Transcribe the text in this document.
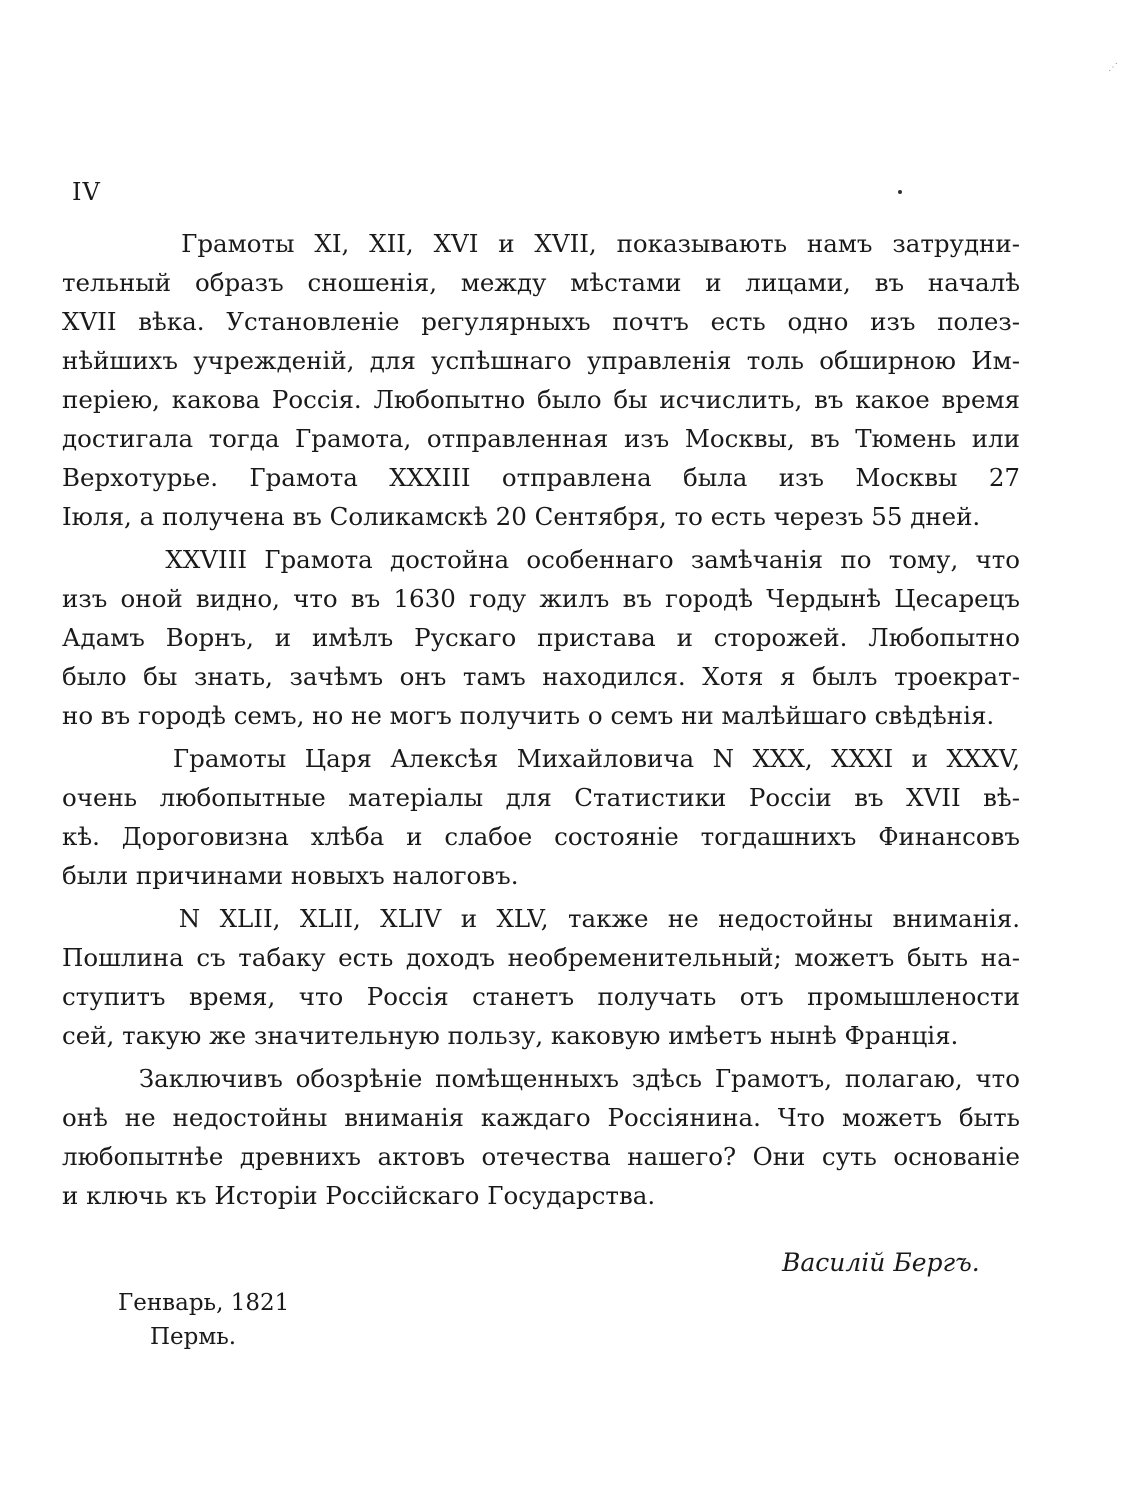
⋰
IV
Грамоты XI, XII, XVI и XVII, показывають намъ затрудни-
тельный образъ сношенія, между мѣстами и лицами, въ началѣ
XVII вѣка. Установленіе регулярныхъ почтъ есть одно изъ полез-
нѣйшихъ учрежденій, для успѣшнаго управленія толь обширною Им-
періею, какова Россія. Любопытно было бы исчислить, въ какое время
достигала тогда Грамота, отправленная изъ Москвы, въ Тюмень или
Верхотурье. Грамота XXXIII отправлена была изъ Москвы 27
Іюля, а получена въ Соликамскѣ 20 Сентября, то есть черезъ 55 дней.
XXVIII Грамота достойна особеннаго замѣчанія по тому, что
изъ оной видно, что въ 1630 году жилъ въ городѣ Чердынѣ Цесарецъ
Адамъ Ворнъ, и имѣлъ Рускаго пристава и сторожей. Любопытно
было бы знать, зачѣмъ онъ тамъ находился. Хотя я былъ троекрат-
но въ городѣ семъ, но не могъ получить о семъ ни малѣйшаго свѣдѣнія.
Грамоты Царя Алексѣя Михайловича N XXX, XXXI и XXXV,
очень любопытные матеріалы для Статистики Россіи въ XVII вѣ-
кѣ. Дороговизна хлѣба и слабое состояніе тогдашнихъ Финансовъ
были причинами новыхъ налоговъ.
N XLII, XLII, XLIV и XLV, также не недостойны вниманія.
Пошлина съ табаку есть доходъ необременительный; можетъ быть на-
ступитъ время, что Россія станетъ получать отъ промышлености
сей, такую же значительную пользу, каковую имѣетъ нынѣ Франція.
Заключивъ обозрѣніе помѣщенныхъ здѣсь Грамотъ, полагаю, что
онѣ не недостойны вниманія каждаго Россіянина. Что можетъ быть
любопытнѣе древнихъ актовъ отечества нашего? Они суть основаніе
и ключь къ Исторіи Россійскаго Государства.
Василій Бергъ.
Генварь, 1821
Пермь.
